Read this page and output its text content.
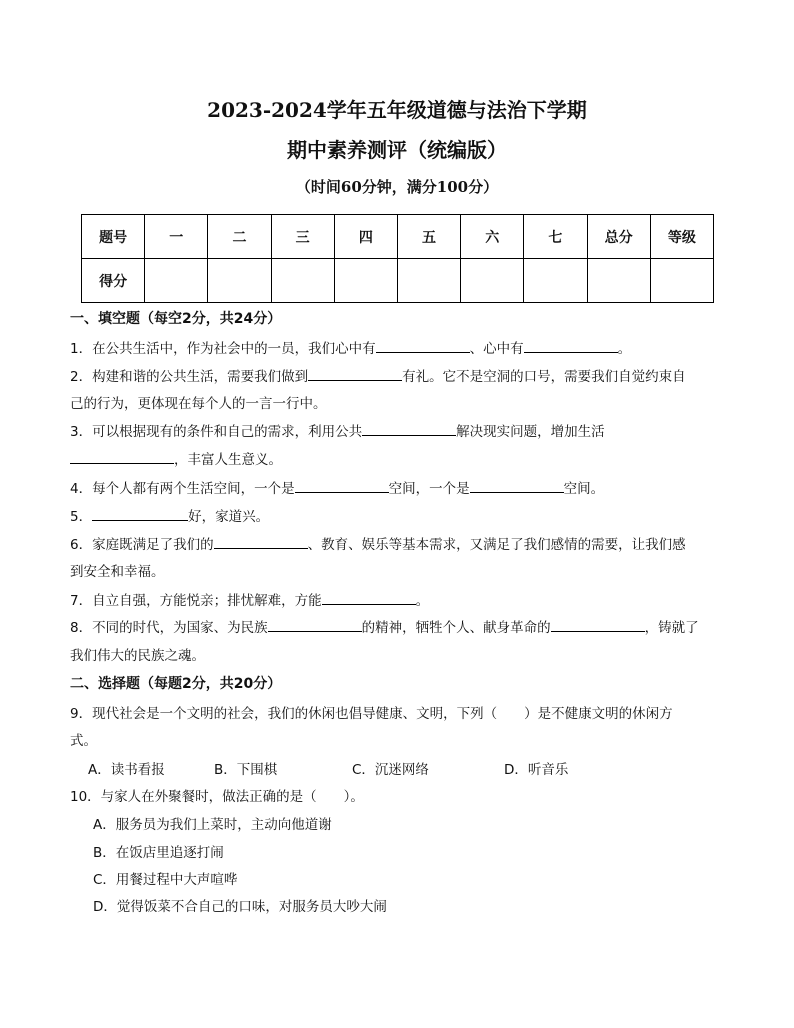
2023-2024学年五年级道德与法治下学期
期中素养测评（统编版）
（时间60分钟，满分100分）
题号	一	二	三	四	五	六	七	总分	等级
得分									
一、填空题（每空2分，共24分）
1．在公共生活中，作为社会中的一员，我们心中有	、心中有	。
2．构建和谐的公共生活，需要我们做到	有礼。它不是空洞的口号，需要我们自觉约束自
己的行为，更体现在每个人的一言一行中。
3．可以根据现有的条件和自己的需求，利用公共	解决现实问题，增加生活
，丰富人生意义。
4．每个人都有两个生活空间，一个是	空间，一个是	空间。
5．	好，家道兴。
6．家庭既满足了我们的	、教育、娱乐等基本需求，又满足了我们感情的需要，让我们感
到安全和幸福。
7．自立自强，方能悦亲；排忧解难，方能	。
8．不同的时代，为国家、为民族	的精神，牺牲个人、献身革命的	，铸就了
我们伟大的民族之魂。
二、选择题（每题2分，共20分）
9．现代社会是一个文明的社会，我们的休闲也倡导健康、文明，下列（　　）是不健康文明的休闲方
式。
A．读书看报	B．下围棋	C．沉迷网络	D．听音乐
10．与家人在外聚餐时，做法正确的是（　　）。
A．服务员为我们上菜时，主动向他道谢
B．在饭店里追逐打闹
C．用餐过程中大声喧哗
D．觉得饭菜不合自己的口味，对服务员大吵大闹
